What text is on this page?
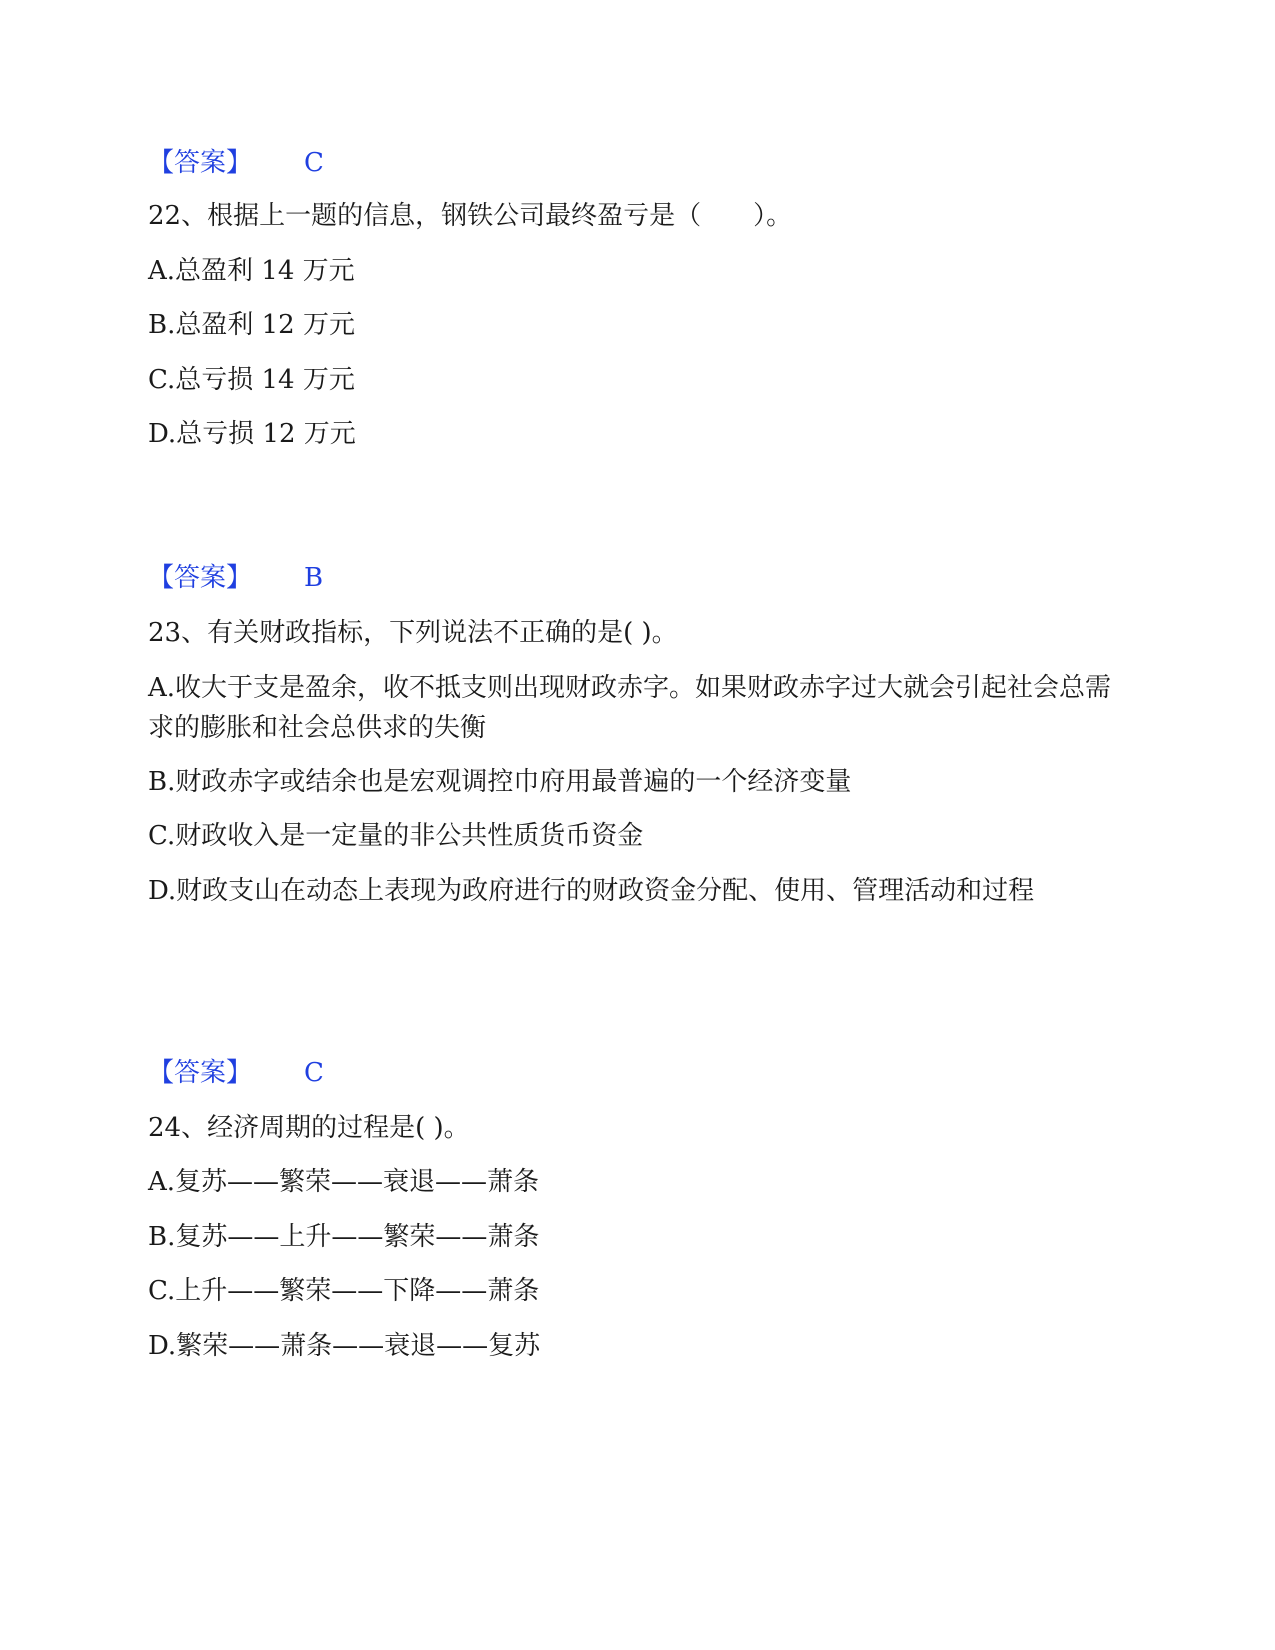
【答案】 C
22、根据上一题的信息，钢铁公司最终盈亏是（　　）。
A.总盈利 14 万元
B.总盈利 12 万元
C.总亏损 14 万元
D.总亏损 12 万元
【答案】 B
23、有关财政指标，下列说法不正确的是( )。
A.收大于支是盈余，收不抵支则出现财政赤字。如果财政赤字过大就会引起社会总需求的膨胀和社会总供求的失衡
B.财政赤字或结余也是宏观调控巾府用最普遍的一个经济变量
C.财政收入是一定量的非公共性质货币资金
D.财政支山在动态上表现为政府进行的财政资金分配、使用、管理活动和过程
【答案】 C
24、经济周期的过程是( )。
A.复苏——繁荣——衰退——萧条
B.复苏——上升——繁荣——萧条
C.上升——繁荣——下降——萧条
D.繁荣——萧条——衰退——复苏
